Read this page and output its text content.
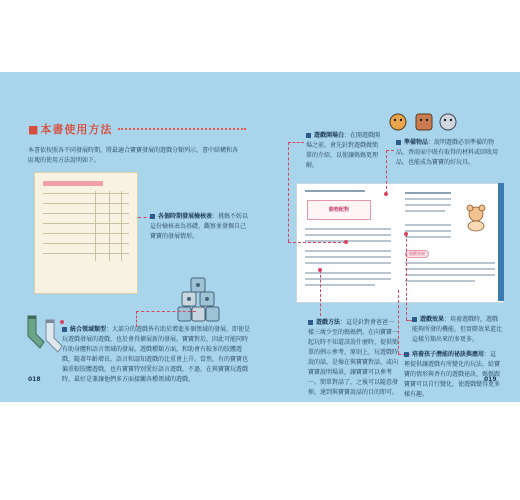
■ 本書使用方法
本書依按照各不同發展時期，將最適合寶寶發展的遊戲分類列示，書中結構和各區塊的使用方法說明如下。
各個時期發展檢核表：挑媽不妨以這份檢核表為基礎，觀察並發掘自己寶寶的發展情形。
統合領域類型：大部分的遊戲皆有助於增進多個領域的發展，即使是玩遊戲發展的遊戲，也於會得擴展新的發展。寶寶對於，因此可能同時有助身體和語言領域的發展。遊戲種類方面，和助會有較多的肢體遊戲，隨著年齡增長，語言和認知遊戲的比重會上升。當然，有的寶寶也偏重較肢體遊戲，也有寶寶特別愛好語言遊戲，不過，在與寶寶玩遊戲時，最好是兼讓他們多方面接觸各種領域的遊戲。
018
動物配對
遊戲效果
019
遊戲開場白：在開遊戲開場之前，會先針對遊戲做簡單的介紹，以使讓媽媽更理解。
準備物品：說明遊戲必須準備的物品，香雨家中既有取得的材料或回收用品，也能成為寶寶的好玩具。
遊戲方法：這是針對會爸爸一樣三歲少至的媽媽們，在向寶寶一起玩時不知道該說什麼時，提供簡單的例示參考，原則上，玩遊戲時說的話，是像在與寶寶對話，或向寶寶說明場景，讓寶寶可以參考一。簡單對話了，之後可以隨意發揮，達到與寶寶說話的目的即可。
遊戲效果：培養遊戲時，遊戲能夠所發的機能，但實際效果還比這樣另類出來的多更多。
培養孩子潛能的祕訣與應用：這裡提供讓遊戲有所變化的玩法，給寶寶的情形與香有的遊戲祕訣，媽媽跟寶寶可以自行變化，使遊戲變得更多樣有趣。
